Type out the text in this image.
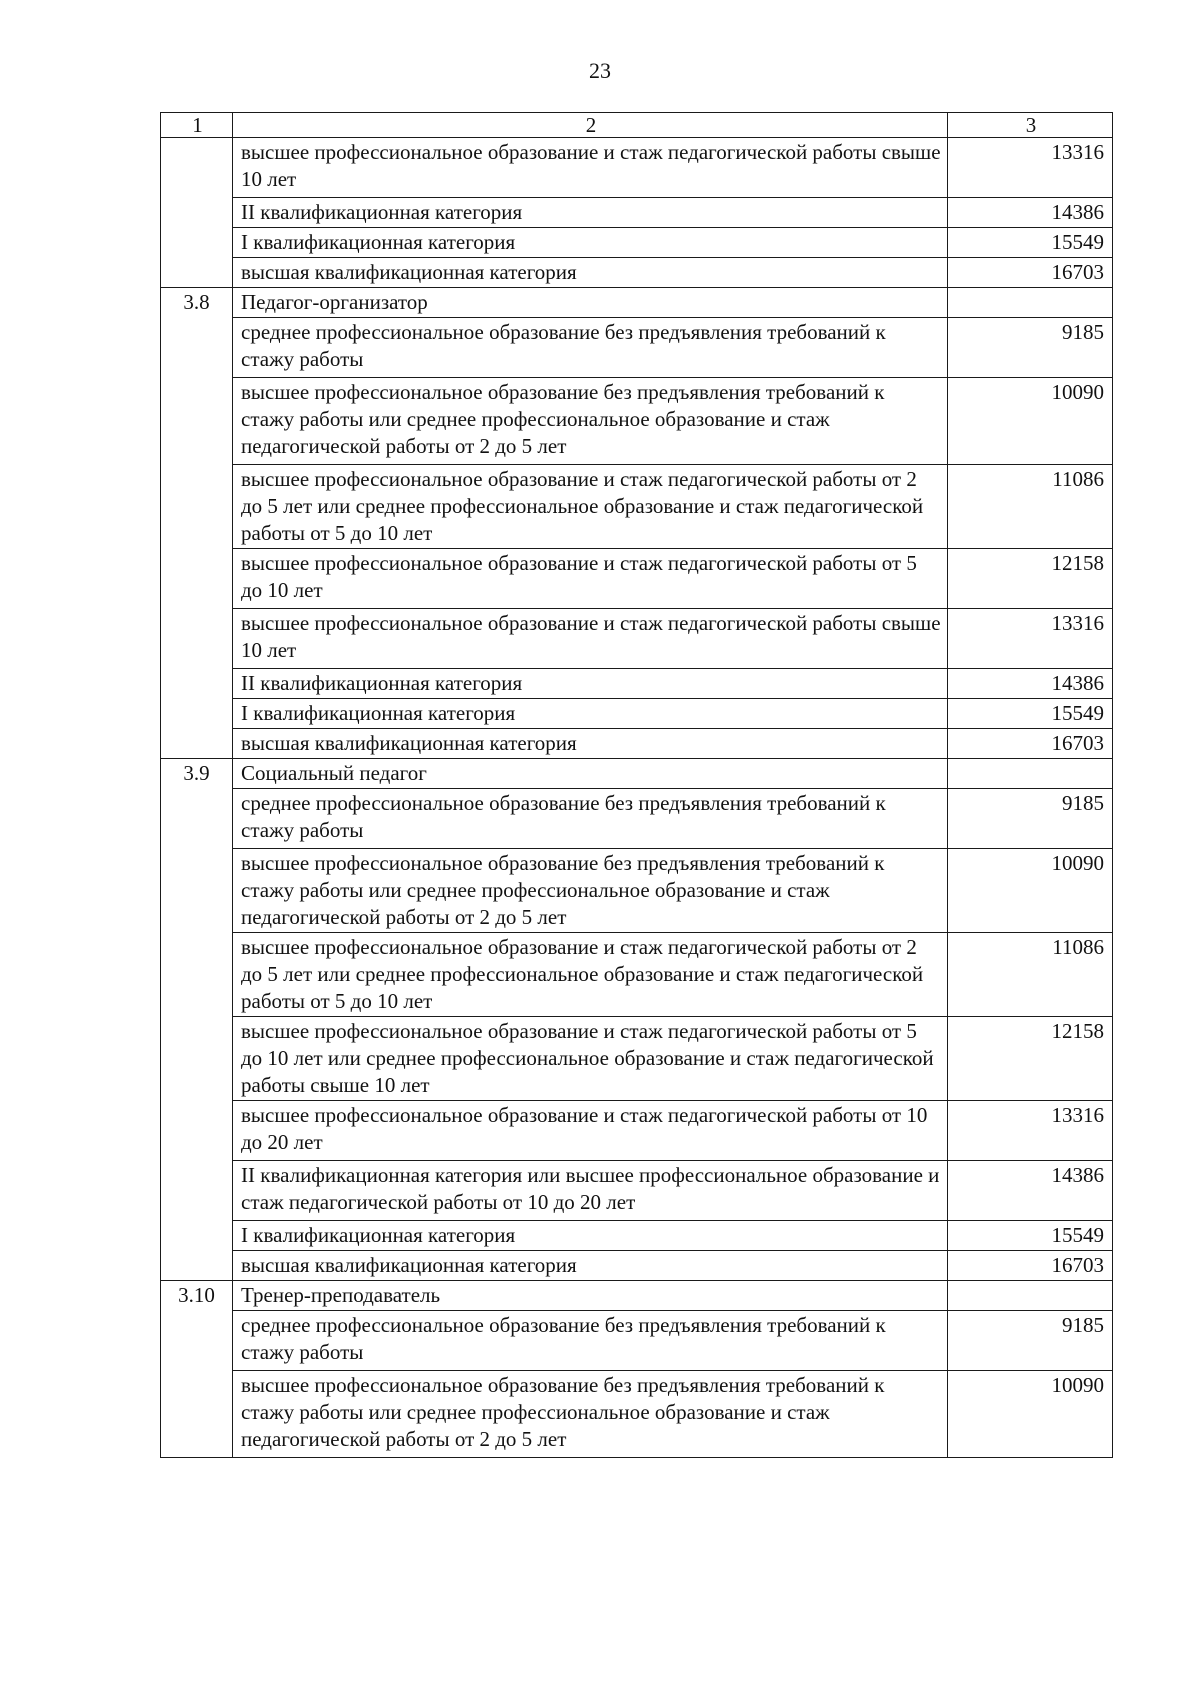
23
1	2	3
	высшее профессиональное образование и стаж педагогической работы свыше 10 лет	13316
	II квалификационная категория	14386
	I квалификационная категория	15549
	высшая квалификационная категория	16703
3.8	Педагог-организатор	
	среднее профессиональное образование без предъявления требований к стажу работы	9185
	высшее профессиональное образование без предъявления требований к стажу работы или среднее профессиональное образование и стаж педагогической работы от 2 до 5 лет	10090
	высшее профессиональное образование и стаж педагогической работы от 2 до 5 лет или среднее профессиональное образование и стаж педагогической работы от 5 до 10 лет	11086
	высшее профессиональное образование и стаж педагогической работы от 5 до 10 лет	12158
	высшее профессиональное образование и стаж педагогической работы свыше 10 лет	13316
	II квалификационная категория	14386
	I квалификационная категория	15549
	высшая квалификационная категория	16703
3.9	Социальный педагог	
	среднее профессиональное образование без предъявления требований к стажу работы	9185
	высшее профессиональное образование без предъявления требований к стажу работы или среднее профессиональное образование и стаж педагогической работы от 2 до 5 лет	10090
	высшее профессиональное образование и стаж педагогической работы от 2 до 5 лет или среднее профессиональное образование и стаж педагогической работы от 5 до 10 лет	11086
	высшее профессиональное образование и стаж педагогической работы от 5 до 10 лет или среднее профессиональное образование и стаж педагогической работы свыше 10 лет	12158
	высшее профессиональное образование и стаж педагогической работы от 10 до 20 лет	13316
	II квалификационная категория или высшее профессиональное образование и стаж педагогической работы от 10 до 20 лет	14386
	I квалификационная категория	15549
	высшая квалификационная категория	16703
3.10	Тренер-преподаватель	
	среднее профессиональное образование без предъявления требований к стажу работы	9185
	высшее профессиональное образование без предъявления требований к стажу работы или среднее профессиональное образование и стаж педагогической работы от 2 до 5 лет	10090
